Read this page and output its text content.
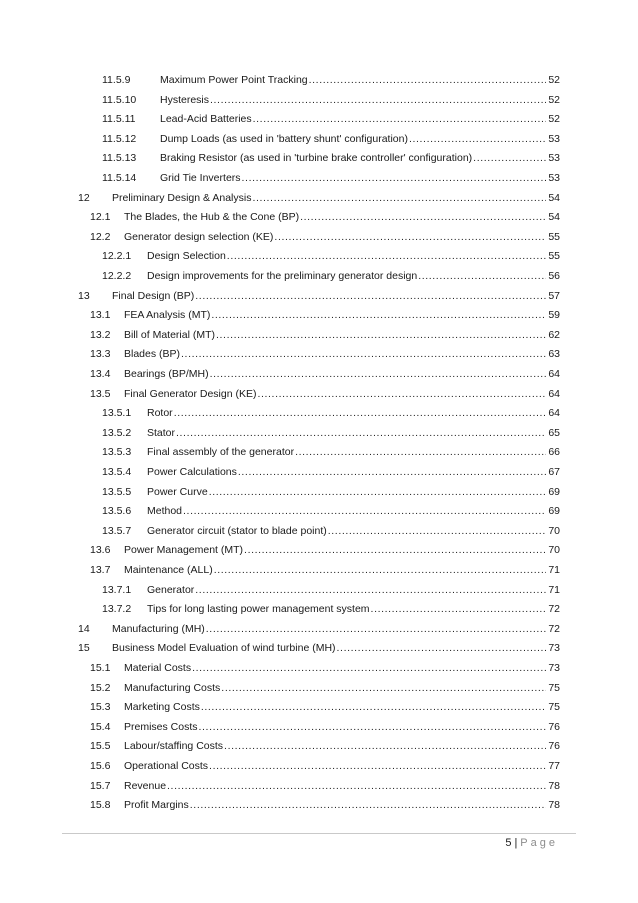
11.5.9	Maximum Power Point Tracking .....	52
11.5.10 Hysteresis .....	52
11.5.11 Lead-Acid Batteries .....	52
11.5.12 Dump Loads (as used in 'battery shunt' configuration) .....	53
11.5.13 Braking Resistor (as used in 'turbine brake controller' configuration) .....	53
11.5.14 Grid Tie Inverters .....	53
12 Preliminary Design & Analysis .....	54
12.1 The Blades, the Hub & the Cone (BP) .....	54
12.2 Generator design selection (KE) .....	55
12.2.1 Design Selection .....	55
12.2.2 Design improvements for the preliminary generator design .....	56
13 Final Design (BP) .....	57
13.1 FEA Analysis (MT) .....	59
13.2 Bill of Material (MT) .....	62
13.3 Blades (BP) .....	63
13.4 Bearings (BP/MH) .....	64
13.5 Final Generator Design (KE) .....	64
13.5.1 Rotor .....	64
13.5.2 Stator .....	65
13.5.3 Final assembly of the generator .....	66
13.5.4 Power Calculations .....	67
13.5.5 Power Curve .....	69
13.5.6 Method .....	69
13.5.7 Generator circuit (stator to blade point) .....	70
13.6 Power Management (MT) .....	70
13.7 Maintenance (ALL) .....	71
13.7.1 Generator .....	71
13.7.2 Tips for long lasting power management system .....	72
14 Manufacturing (MH) .....	72
15 Business Model Evaluation of wind turbine (MH) .....	73
15.1 Material Costs .....	73
15.2 Manufacturing Costs .....	75
15.3 Marketing Costs .....	75
15.4 Premises Costs .....	76
15.5 Labour/staffing Costs .....	76
15.6 Operational Costs .....	77
15.7 Revenue .....	78
15.8 Profit Margins .....	78
5 | Page
